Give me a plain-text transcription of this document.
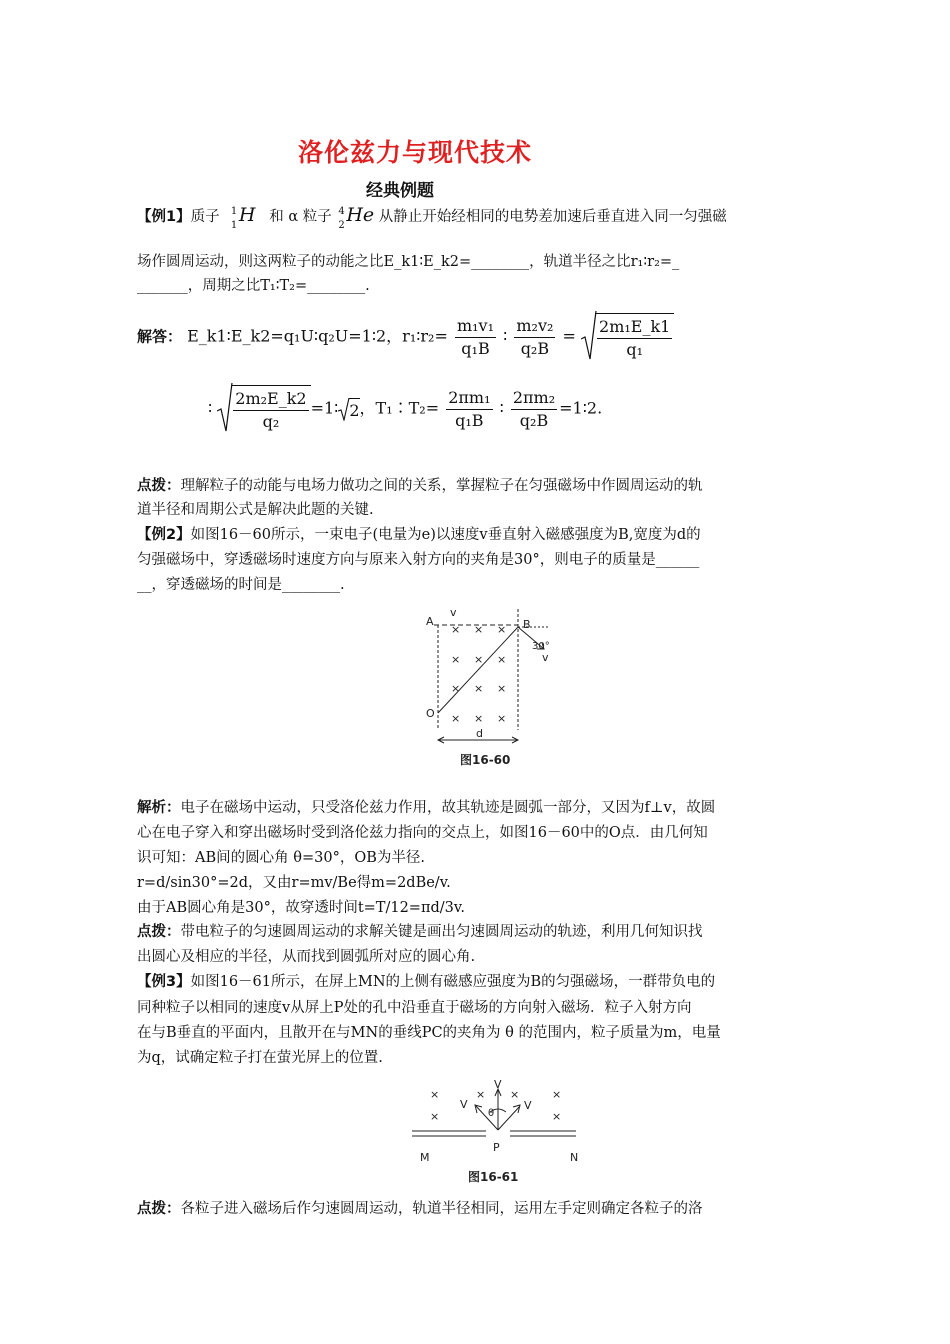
洛伦兹力与现代技术
经典例题
【例1】质子 1
1 H 和 α 粒子 4
2 He 从静止开始经相同的电势差加速后垂直进入同一匀强磁
场作圆周运动，则这两粒子的动能之比E_k1∶E_k2=________，轨道半径之比r₁∶r₂=_
_______，周期之比T₁∶T₂=________.
解答： E_k1∶E_k2=q₁U∶q₂U=1∶2，r₁∶r₂= $\frac{\text{m₁v₁}}{\text{q₁B}}$ ∶ $\frac{\text{m₂v₂}}{\text{q₂B}} = \frac{\text{2m₁E\_k1}}{\text{q₁}}$
∶ $\frac{\text{2m₂E\_k2}}{\text{q₂}}$ =1∶ 2，T₁∶T₂= $\frac{\text{2πm₁}}{\text{q₁B}}$ ∶ $\frac{\text{2πm₂}}{\text{q₂B}}$ =1∶2.
点拨：理解粒子的动能与电场力做功之间的关系，掌握粒子在匀强磁场中作圆周运动的轨
道半径和周期公式是解决此题的关键.
【例2】如图16－60所示，一束电子(电量为e)以速度v垂直射入磁感强度为B,宽度为d的
匀强磁场中，穿透磁场时速度方向与原来入射方向的夹角是30°，则电子的质量是______
__，穿透磁场的时间是________.
A	B
O
d
v
v
30°
× × ×
× × ×
× × ×
× × ×
图16-60
解析：电子在磁场中运动，只受洛伦兹力作用，故其轨迹是圆弧一部分，又因为f⊥v，故圆
心在电子穿入和穿出磁场时受到洛伦兹力指向的交点上，如图16－60中的O点．由几何知
识可知：AB间的圆心角 θ=30°，OB为半径.
r=d/sin30°=2d，又由r=mv/Be得m=2dBe/v.
由于AB圆心角是30°，故穿透时间t=T/12=πd/3v.
点拨：带电粒子的匀速圆周运动的求解关键是画出匀速圆周运动的轨迹，利用几何知识找
出圆心及相应的半径，从而找到圆弧所对应的圆心角.
【例3】如图16－61所示，在屏上MN的上侧有磁感应强度为B的匀强磁场，一群带负电的
同种粒子以相同的速度v从屏上P处的孔中沿垂直于磁场的方向射入磁场．粒子入射方向
在与B垂直的平面内，且散开在与MN的垂线PC的夹角为 θ 的范围内，粒子质量为m，电量
为q，试确定粒子打在萤光屏上的位置.
M	N
P
V
V	V
θ
×	× ×	×
×	×
图16-61
点拨：各粒子进入磁场后作匀速圆周运动，轨道半径相同，运用左手定则确定各粒子的洛
